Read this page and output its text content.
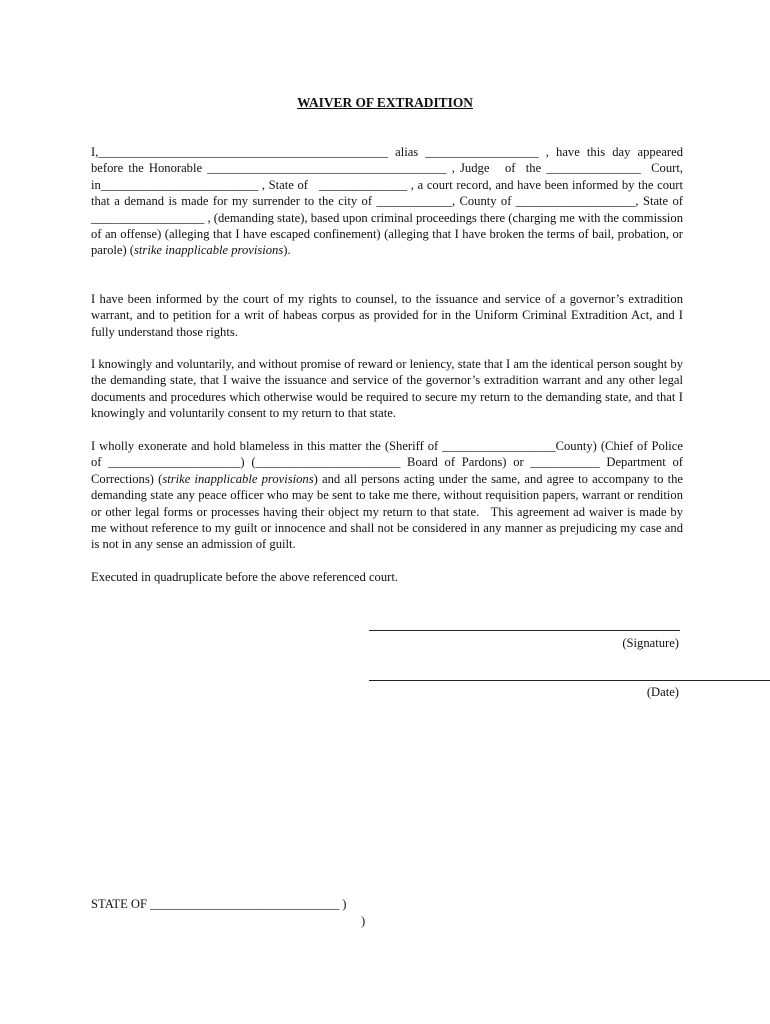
WAIVER OF EXTRADITION

I,______________________________________________ alias __________________ , have this day appeared before the Honorable ______________________________________ , Judge   of  the _______________  Court, in_________________________ , State of   ______________ , a court record, and have been informed by the court that a demand is made for my surrender to the city of ____________, County of ___________________, State of  __________________ , (demanding state), based upon criminal proceedings there (charging me with the commission of an offense) (alleging that I have escaped confinement) (alleging that I have broken the terms of bail, probation, or parole) (strike inapplicable provisions).

I have been informed by the court of my rights to counsel, to the issuance and service of a governor’s extradition warrant, and to petition for a writ of habeas corpus as provided for in the Uniform Criminal Extradition Act, and I fully understand those rights.

I knowingly and voluntarily, and without promise of reward or leniency, state that I am the identical person sought by the demanding state, that I waive the issuance and service of the governor’s extradition warrant and any other legal documents and procedures which otherwise would be required to secure my return to the demanding state, and that I knowingly and voluntarily consent to my return to that state.

I wholly exonerate and hold blameless in this matter the (Sheriff of __________________County) (Chief of Police of _____________________) (_______________________ Board of Pardons) or ___________ Department of Corrections) (strike inapplicable provisions) and all persons acting under the same, and agree to accompany to the demanding state any peace officer who may be sent to take me there, without requisition papers, warrant or rendition or other legal forms or processes having their object my return to that state.   This agreement ad waiver is made by me without reference to my guilt or innocence and shall not be considered in any manner as prejudicing my case and is not in any sense an admission of guilt.

Executed in quadruplicate before the above referenced court.

(Signature)
(Date)
STATE OF ______________________________ )
)
